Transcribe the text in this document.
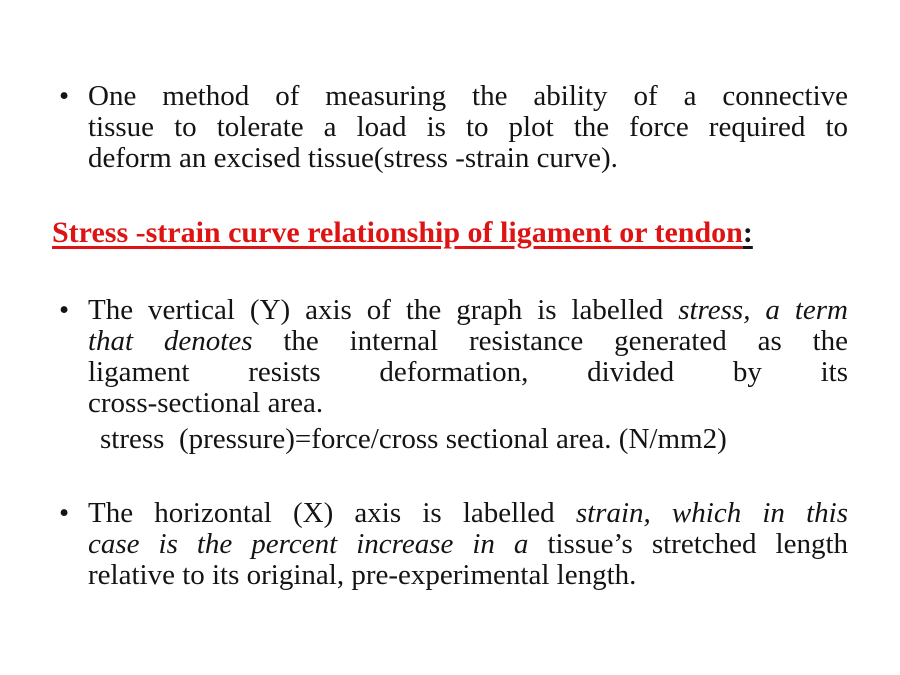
• One method of measuring the ability of a connective
tissue to tolerate a load is to plot the force required to
deform an excised tissue(stress -strain curve).
Stress -strain curve relationship of ligament or tendon:
• The vertical (Y) axis of the graph is labelled stress, a term
that denotes the internal resistance generated as the
ligament resists deformation, divided by its
cross-sectional area.
stress  (pressure)=force/cross sectional area. (N/mm2)
• The horizontal (X) axis is labelled strain, which in this
case is the percent increase in a tissue’s stretched length
relative to its original, pre-experimental length.
